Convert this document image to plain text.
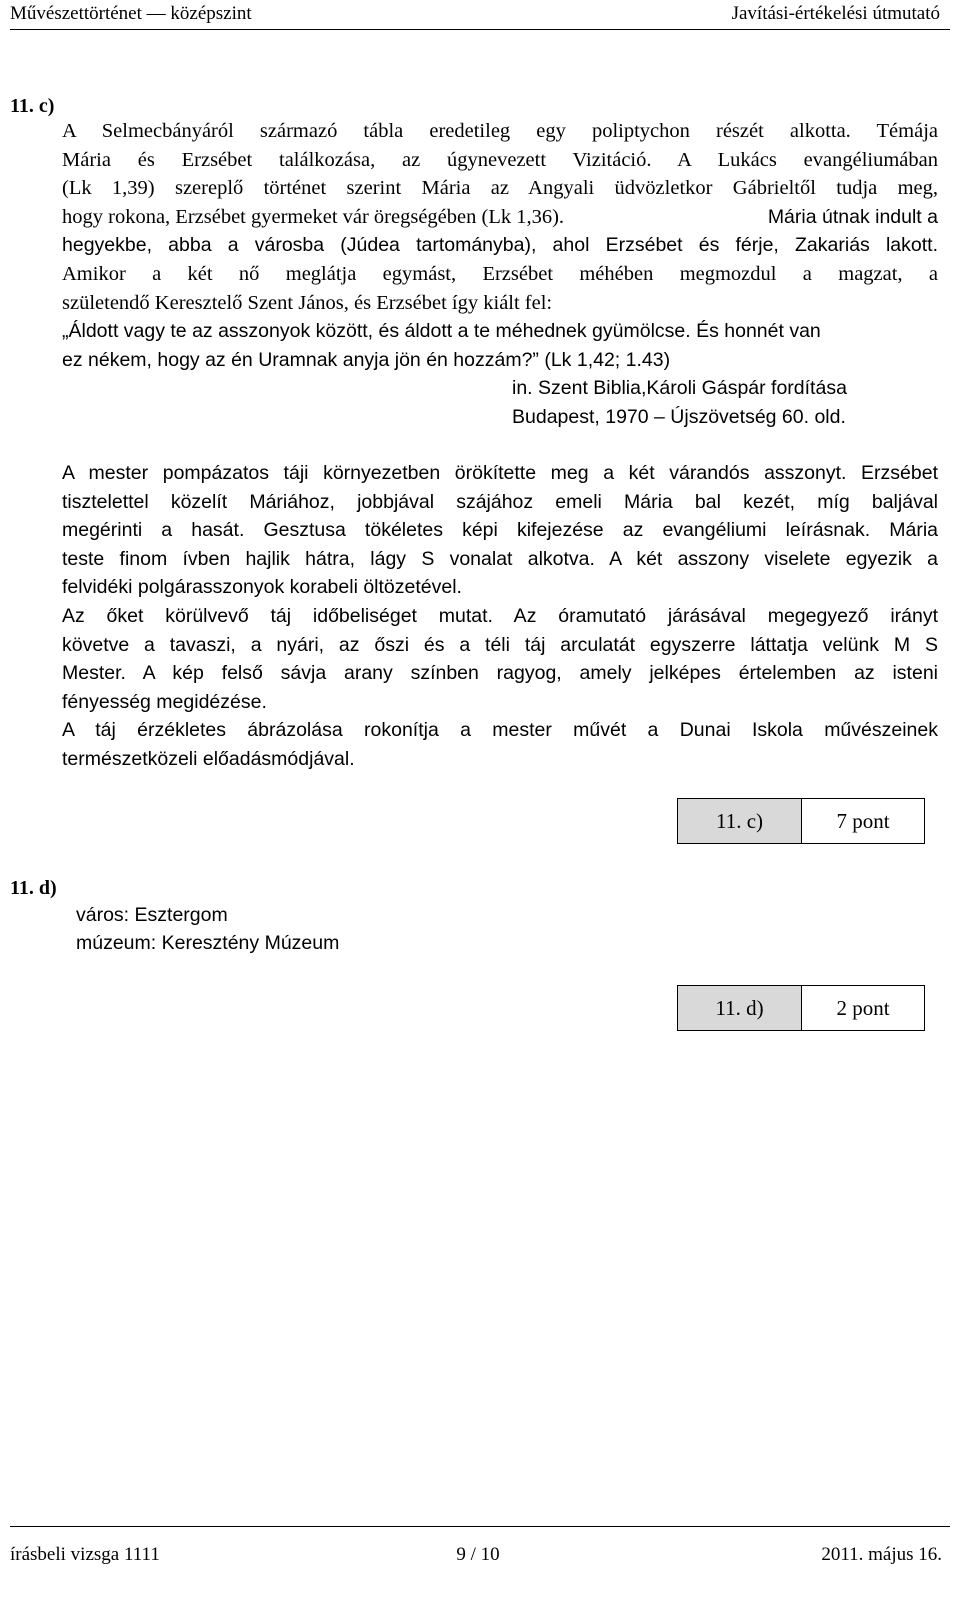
Művészettörténet — középszint	Javítási-értékelési útmutató
11. c)
A Selmecbányáról származó tábla eredetileg egy poliptychon részét alkotta. Témája
Mária és Erzsébet találkozása, az úgynevezett Vizitáció. A Lukács evangéliumában
(Lk 1,39) szereplő történet szerint Mária az Angyali üdvözletkor Gábrieltől tudja meg,
hogy rokona, Erzsébet gyermeket vár öregségében (Lk 1,36).	Mária útnak indult a
hegyekbe, abba a városba (Júdea tartományba), ahol Erzsébet és férje, Zakariás lakott.
Amikor a két nő meglátja egymást, Erzsébet méhében megmozdul a magzat, a
születendő Keresztelő Szent János, és Erzsébet így kiált fel:
„Áldott vagy te az asszonyok között, és áldott a te méhednek gyümölcse. És honnét van
ez nékem, hogy az én Uramnak anyja jön én hozzám?” (Lk 1,42; 1.43)
in. Szent Biblia,Károli Gáspár fordítása
Budapest, 1970 – Újszövetség 60. old.
A mester pompázatos táji környezetben örökítette meg a két várandós asszonyt. Erzsébet
tisztelettel közelít Máriához, jobbjával szájához emeli Mária bal kezét, míg baljával
megérinti a hasát. Gesztusa tökéletes képi kifejezése az evangéliumi leírásnak. Mária
teste finom ívben hajlik hátra, lágy S vonalat alkotva. A két asszony viselete egyezik a
felvidéki polgárasszonyok korabeli öltözetével.
Az őket körülvevő táj időbeliséget mutat. Az óramutató járásával megegyező irányt
követve a tavaszi, a nyári, az őszi és a téli táj arculatát egyszerre láttatja velünk M S
Mester. A kép felső sávja arany színben ragyog, amely jelképes értelemben az isteni
fényesség megidézése.
A táj érzékletes ábrázolása rokonítja a mester művét a Dunai Iskola művészeinek
természetközeli előadásmódjával.
11. c)	7 pont
11. d)
város: Esztergom
múzeum: Keresztény Múzeum
11. d)	2 pont
írásbeli vizsga 1111	9 / 10	2011. május 16.
